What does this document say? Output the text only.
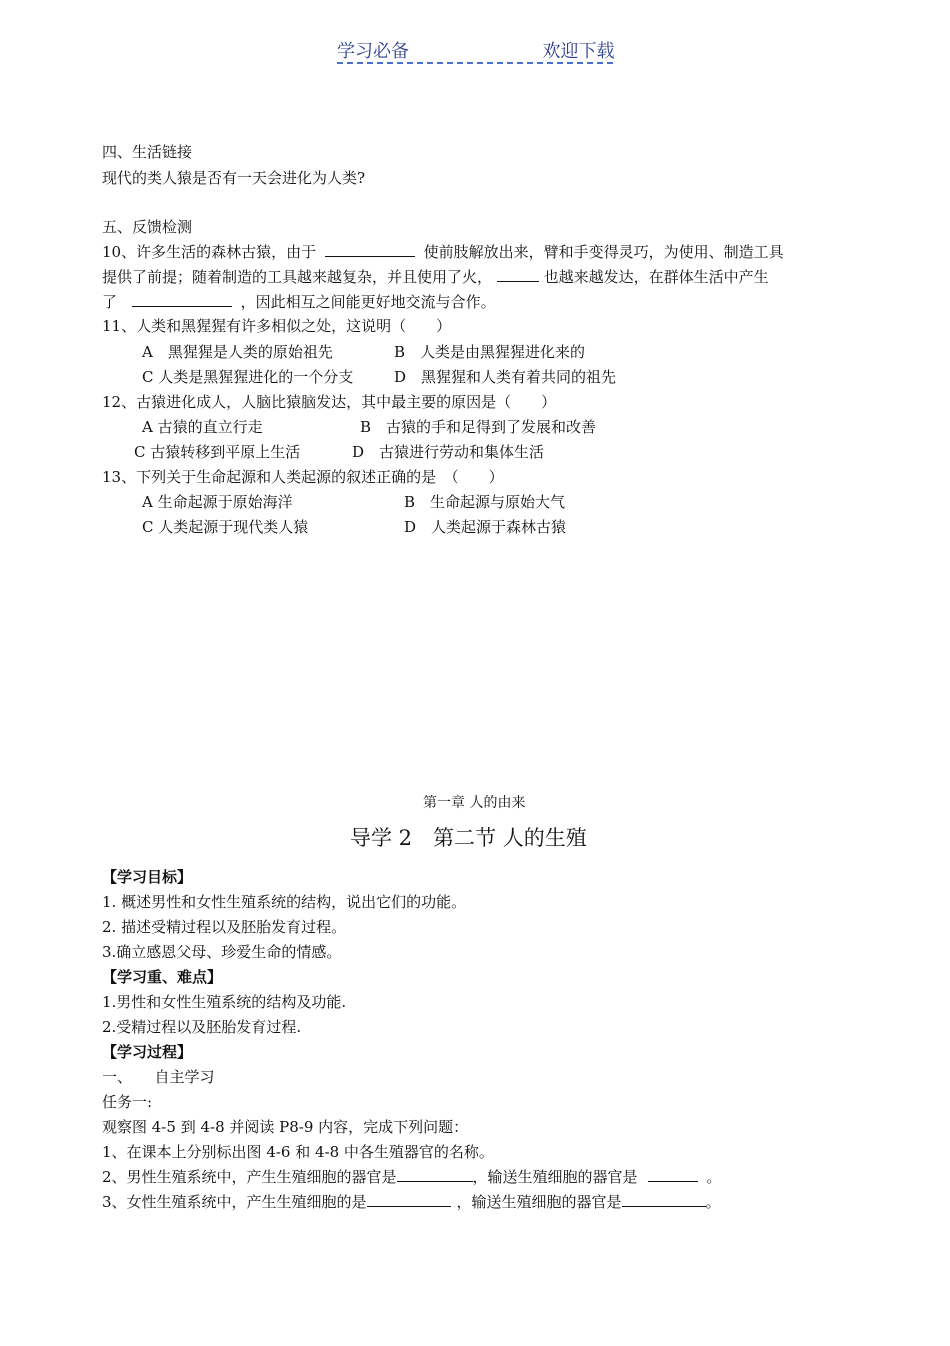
学习必备	欢迎下载
四、生活链接
现代的类人猿是否有一天会进化为人类?
五、反馈检测
10、许多生活的森林古猿，由于	使前肢解放出来，臂和手变得灵巧，为使用、制造工具
提供了前提；随着制造的工具越来越复杂，并且使用了火，	也越来越发达，在群体生活中产生
了	，因此相互之间能更好地交流与合作。
11、人类和黑猩猩有许多相似之处，这说明（　　）
A　黑猩猩是人类的原始祖先	B　人类是由黑猩猩进化来的
C 人类是黑猩猩进化的一个分支	D　黑猩猩和人类有着共同的祖先
12、古猿进化成人，人脑比猿脑发达，其中最主要的原因是（　　）
A 古猿的直立行走	B　古猿的手和足得到了发展和改善
C 古猿转移到平原上生活	D　古猿进行劳动和集体生活
13、下列关于生命起源和人类起源的叙述正确的是　（　　）
A 生命起源于原始海洋	B　生命起源与原始大气
C 人类起源于现代类人猿	D　人类起源于森林古猿
第一章 人的由来
导学 2　第二节 人的生殖
【学习目标】
1. 概述男性和女性生殖系统的结构，说出它们的功能。
2. 描述受精过程以及胚胎发育过程。
3.确立感恩父母、珍爱生命的情感。
【学习重、难点】
1.男性和女性生殖系统的结构及功能.
2.受精过程以及胚胎发育过程.
【学习过程】
一、　　自主学习
任务一:
观察图 4-5 到 4-8 并阅读 P8-9 内容，完成下列问题：
1、在课本上分别标出图 4-6 和 4-8 中各生殖器官的名称。
2、男性生殖系统中，产生生殖细胞的器官是	，输送生殖细胞的器官是	。
3、女性生殖系统中，产生生殖细胞的是	，输送生殖细胞的器官是	。
